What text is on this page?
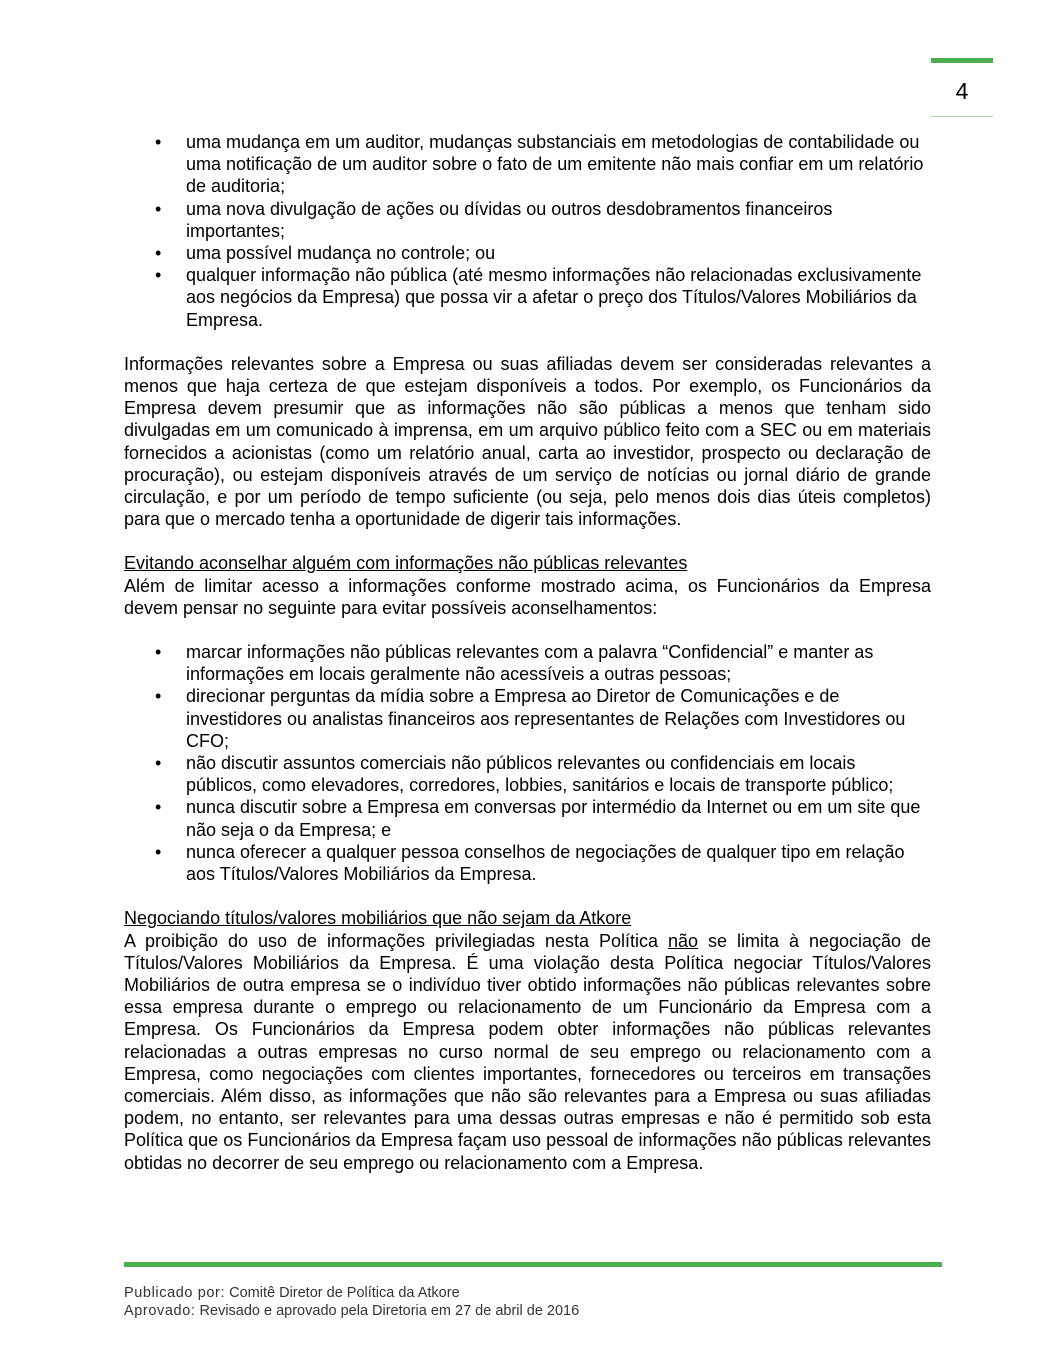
4
• uma mudança em um auditor, mudanças substanciais em metodologias de contabilidade ou uma notificação de um auditor sobre o fato de um emitente não mais confiar em um relatório de auditoria;
• uma nova divulgação de ações ou dívidas ou outros desdobramentos financeiros importantes;
• uma possível mudança no controle; ou
• qualquer informação não pública (até mesmo informações não relacionadas exclusivamente aos negócios da Empresa) que possa vir a afetar o preço dos Títulos/Valores Mobiliários da Empresa.

Informações relevantes sobre a Empresa ou suas afiliadas devem ser consideradas relevantes a menos que haja certeza de que estejam disponíveis a todos. Por exemplo, os Funcionários da Empresa devem presumir que as informações não são públicas a menos que tenham sido divulgadas em um comunicado à imprensa, em um arquivo público feito com a SEC ou em materiais fornecidos a acionistas (como um relatório anual, carta ao investidor, prospecto ou declaração de procuração), ou estejam disponíveis através de um serviço de notícias ou jornal diário de grande circulação, e por um período de tempo suficiente (ou seja, pelo menos dois dias úteis completos) para que o mercado tenha a oportunidade de digerir tais informações.

Evitando aconselhar alguém com informações não públicas relevantes

Além de limitar acesso a informações conforme mostrado acima, os Funcionários da Empresa devem pensar no seguinte para evitar possíveis aconselhamentos:

• marcar informações não públicas relevantes com a palavra “Confidencial” e manter as informações em locais geralmente não acessíveis a outras pessoas;
• direcionar perguntas da mídia sobre a Empresa ao Diretor de Comunicações e de investidores ou analistas financeiros aos representantes de Relações com Investidores ou CFO;
• não discutir assuntos comerciais não públicos relevantes ou confidenciais em locais públicos, como elevadores, corredores, lobbies, sanitários e locais de transporte público;
• nunca discutir sobre a Empresa em conversas por intermédio da Internet ou em um site que não seja o da Empresa; e
• nunca oferecer a qualquer pessoa conselhos de negociações de qualquer tipo em relação aos Títulos/Valores Mobiliários da Empresa.

Negociando títulos/valores mobiliários que não sejam da Atkore

A proibição do uso de informações privilegiadas nesta Política não se limita à negociação de Títulos/Valores Mobiliários da Empresa. É uma violação desta Política negociar Títulos/Valores Mobiliários de outra empresa se o indivíduo tiver obtido informações não públicas relevantes sobre essa empresa durante o emprego ou relacionamento de um Funcionário da Empresa com a Empresa. Os Funcionários da Empresa podem obter informações não públicas relevantes relacionadas a outras empresas no curso normal de seu emprego ou relacionamento com a Empresa, como negociações com clientes importantes, fornecedores ou terceiros em transações comerciais. Além disso, as informações que não são relevantes para a Empresa ou suas afiliadas podem, no entanto, ser relevantes para uma dessas outras empresas e não é permitido sob esta Política que os Funcionários da Empresa façam uso pessoal de informações não públicas relevantes obtidas no decorrer de seu emprego ou relacionamento com a Empresa.

Publicado por: Comitê Diretor de Política da Atkore
Aprovado: Revisado e aprovado pela Diretoria em 27 de abril de 2016
